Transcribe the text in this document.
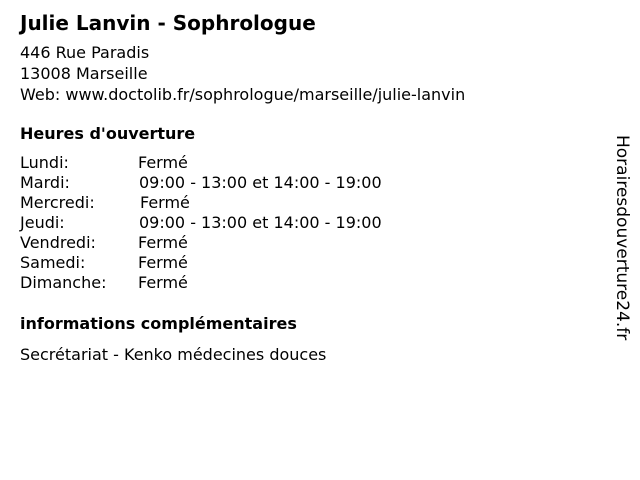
Julie Lanvin - Sophrologue
446 Rue Paradis
13008 Marseille
Web: www.doctolib.fr/sophrologue/marseille/julie-lanvin
Heures d'ouverture
Lundi:	Fermé
Mardi:	09:00 - 13:00 et 14:00 - 19:00
Mercredi:	Fermé
Jeudi:	09:00 - 13:00 et 14:00 - 19:00
Vendredi:	Fermé
Samedi:	Fermé
Dimanche: Fermé
informations complémentaires
Secrétariat - Kenko médecines douces
Horairesdouverture24.fr
